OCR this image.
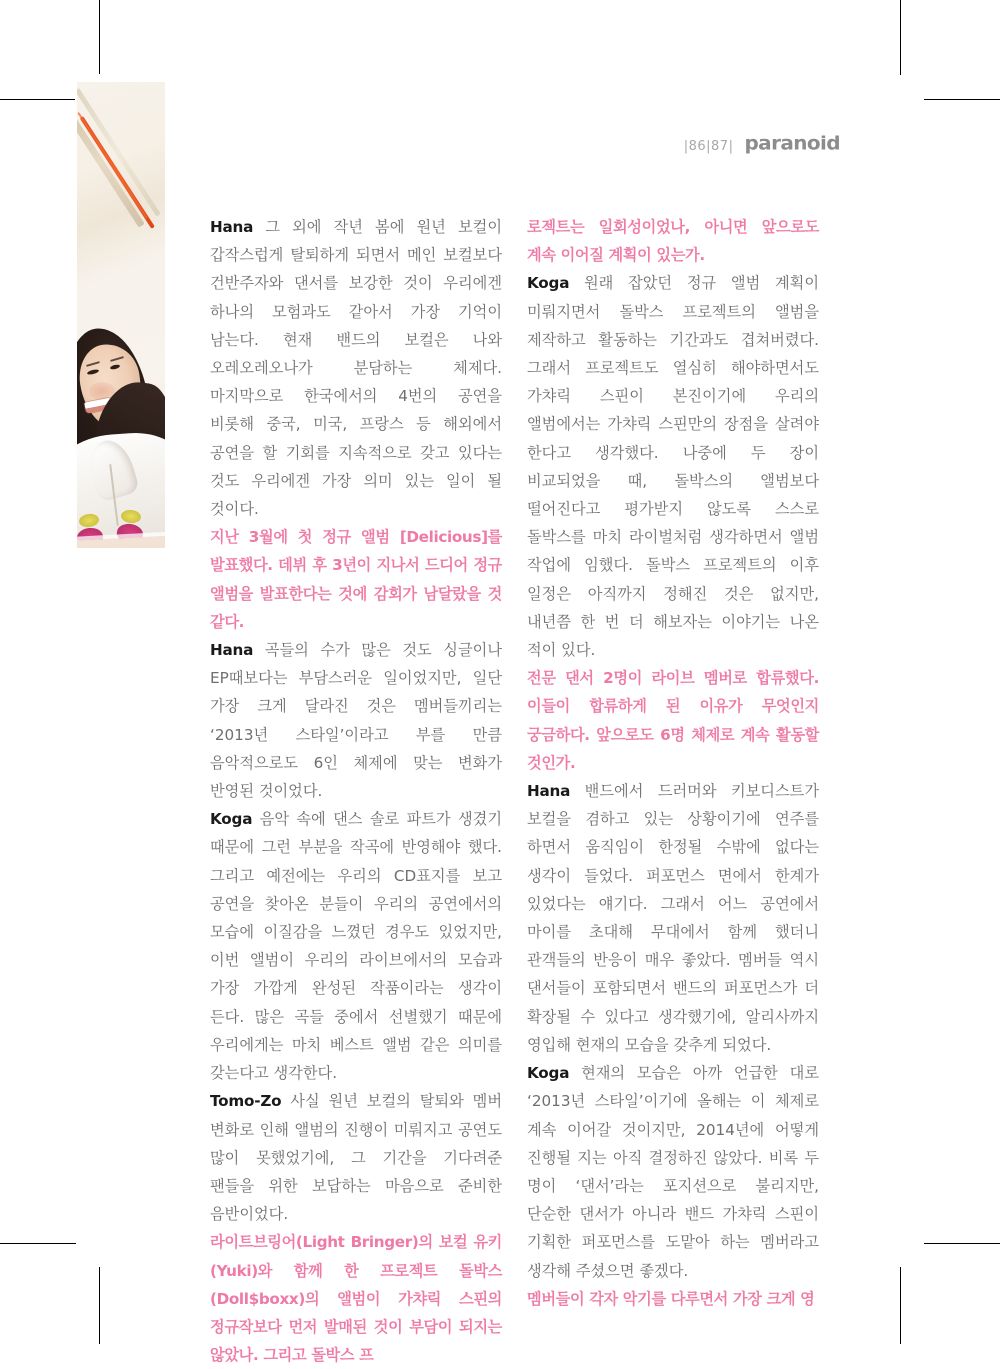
|86|87| paranoid

Hana 그 외에 작년 봄에 원년 보컬이 갑작스럽게 탈퇴하게 되면서 메인 보컬보다 건반주자와 댄서를 보강한 것이 우리에겐 하나의 모험과도 같아서 가장 기억이 남는다. 현재 밴드의 보컬은 나와 오레오레오나가 분담하는 체제다. 마지막으로 한국에서의 4번의 공연을 비롯해 중국, 미국, 프랑스 등 해외에서 공연을 할 기회를 지속적으로 갖고 있다는 것도 우리에겐 가장 의미 있는 일이 될 것이다.

지난 3월에 첫 정규 앨범 [Delicious]를 발표했다. 데뷔 후 3년이 지나서 드디어 정규 앨범을 발표한다는 것에 감회가 남달랐을 것 같다.

Hana 곡들의 수가 많은 것도 싱글이나 EP때보다는 부담스러운 일이었지만, 일단 가장 크게 달라진 것은 멤버들끼리는 ‘2013년 스타일’이라고 부를 만큼 음악적으로도 6인 체제에 맞는 변화가 반영된 것이었다.

Koga 음악 속에 댄스 솔로 파트가 생겼기 때문에 그런 부분을 작곡에 반영해야 했다. 그리고 예전에는 우리의 CD표지를 보고 공연을 찾아온 분들이 우리의 공연에서의 모습에 이질감을 느꼈던 경우도 있었지만, 이번 앨범이 우리의 라이브에서의 모습과 가장 가깝게 완성된 작품이라는 생각이 든다. 많은 곡들 중에서 선별했기 때문에 우리에게는 마치 베스트 앨범 같은 의미를 갖는다고 생각한다.

Tomo-Zo 사실 원년 보컬의 탈퇴와 멤버 변화로 인해 앨범의 진행이 미뤄지고 공연도 많이 못했었기에, 그 기간을 기다려준 팬들을 위한 보답하는 마음으로 준비한 음반이었다.

라이트브링어(Light Bringer)의 보컬 유키(Yuki)와 함께 한 프로젝트 돌박스(Doll$boxx)의 앨범이 가챠릭 스핀의 정규작보다 먼저 발매된 것이 부담이 되지는 않았나. 그리고 돌박스 프

로젝트는 일회성이었나, 아니면 앞으로도 계속 이어질 계획이 있는가.

Koga 원래 잡았던 정규 앨범 계획이 미뤄지면서 돌박스 프로젝트의 앨범을 제작하고 활동하는 기간과도 겹쳐버렸다. 그래서 프로젝트도 열심히 해야하면서도 가챠릭 스핀이 본진이기에 우리의 앨범에서는 가챠릭 스핀만의 장점을 살려야 한다고 생각했다. 나중에 두 장이 비교되었을 때, 돌박스의 앨범보다 떨어진다고 평가받지 않도록 스스로 돌박스를 마치 라이벌처럼 생각하면서 앨범 작업에 임했다. 돌박스 프로젝트의 이후 일정은 아직까지 정해진 것은 없지만, 내년쯤 한 번 더 해보자는 이야기는 나온 적이 있다.

전문 댄서 2명이 라이브 멤버로 합류했다. 이들이 합류하게 된 이유가 무엇인지 궁금하다. 앞으로도 6명 체제로 계속 활동할 것인가.

Hana 밴드에서 드러머와 키보디스트가 보컬을 겸하고 있는 상황이기에 연주를 하면서 움직임이 한정될 수밖에 없다는 생각이 들었다. 퍼포먼스 면에서 한계가 있었다는 얘기다. 그래서 어느 공연에서 마이를 초대해 무대에서 함께 했더니 관객들의 반응이 매우 좋았다. 멤버들 역시 댄서들이 포함되면서 밴드의 퍼포먼스가 더 확장될 수 있다고 생각했기에, 알리사까지 영입해 현재의 모습을 갖추게 되었다.

Koga 현재의 모습은 아까 언급한 대로 ‘2013년 스타일’이기에 올해는 이 체제로 계속 이어갈 것이지만, 2014년에 어떻게 진행될 지는 아직 결정하진 않았다. 비록 두 명이 ‘댄서’라는 포지션으로 불리지만, 단순한 댄서가 아니라 밴드 가챠릭 스핀이 기획한 퍼포먼스를 도맡아 하는 멤버라고 생각해 주셨으면 좋겠다.

멤버들이 각자 악기를 다루면서 가장 크게 영
